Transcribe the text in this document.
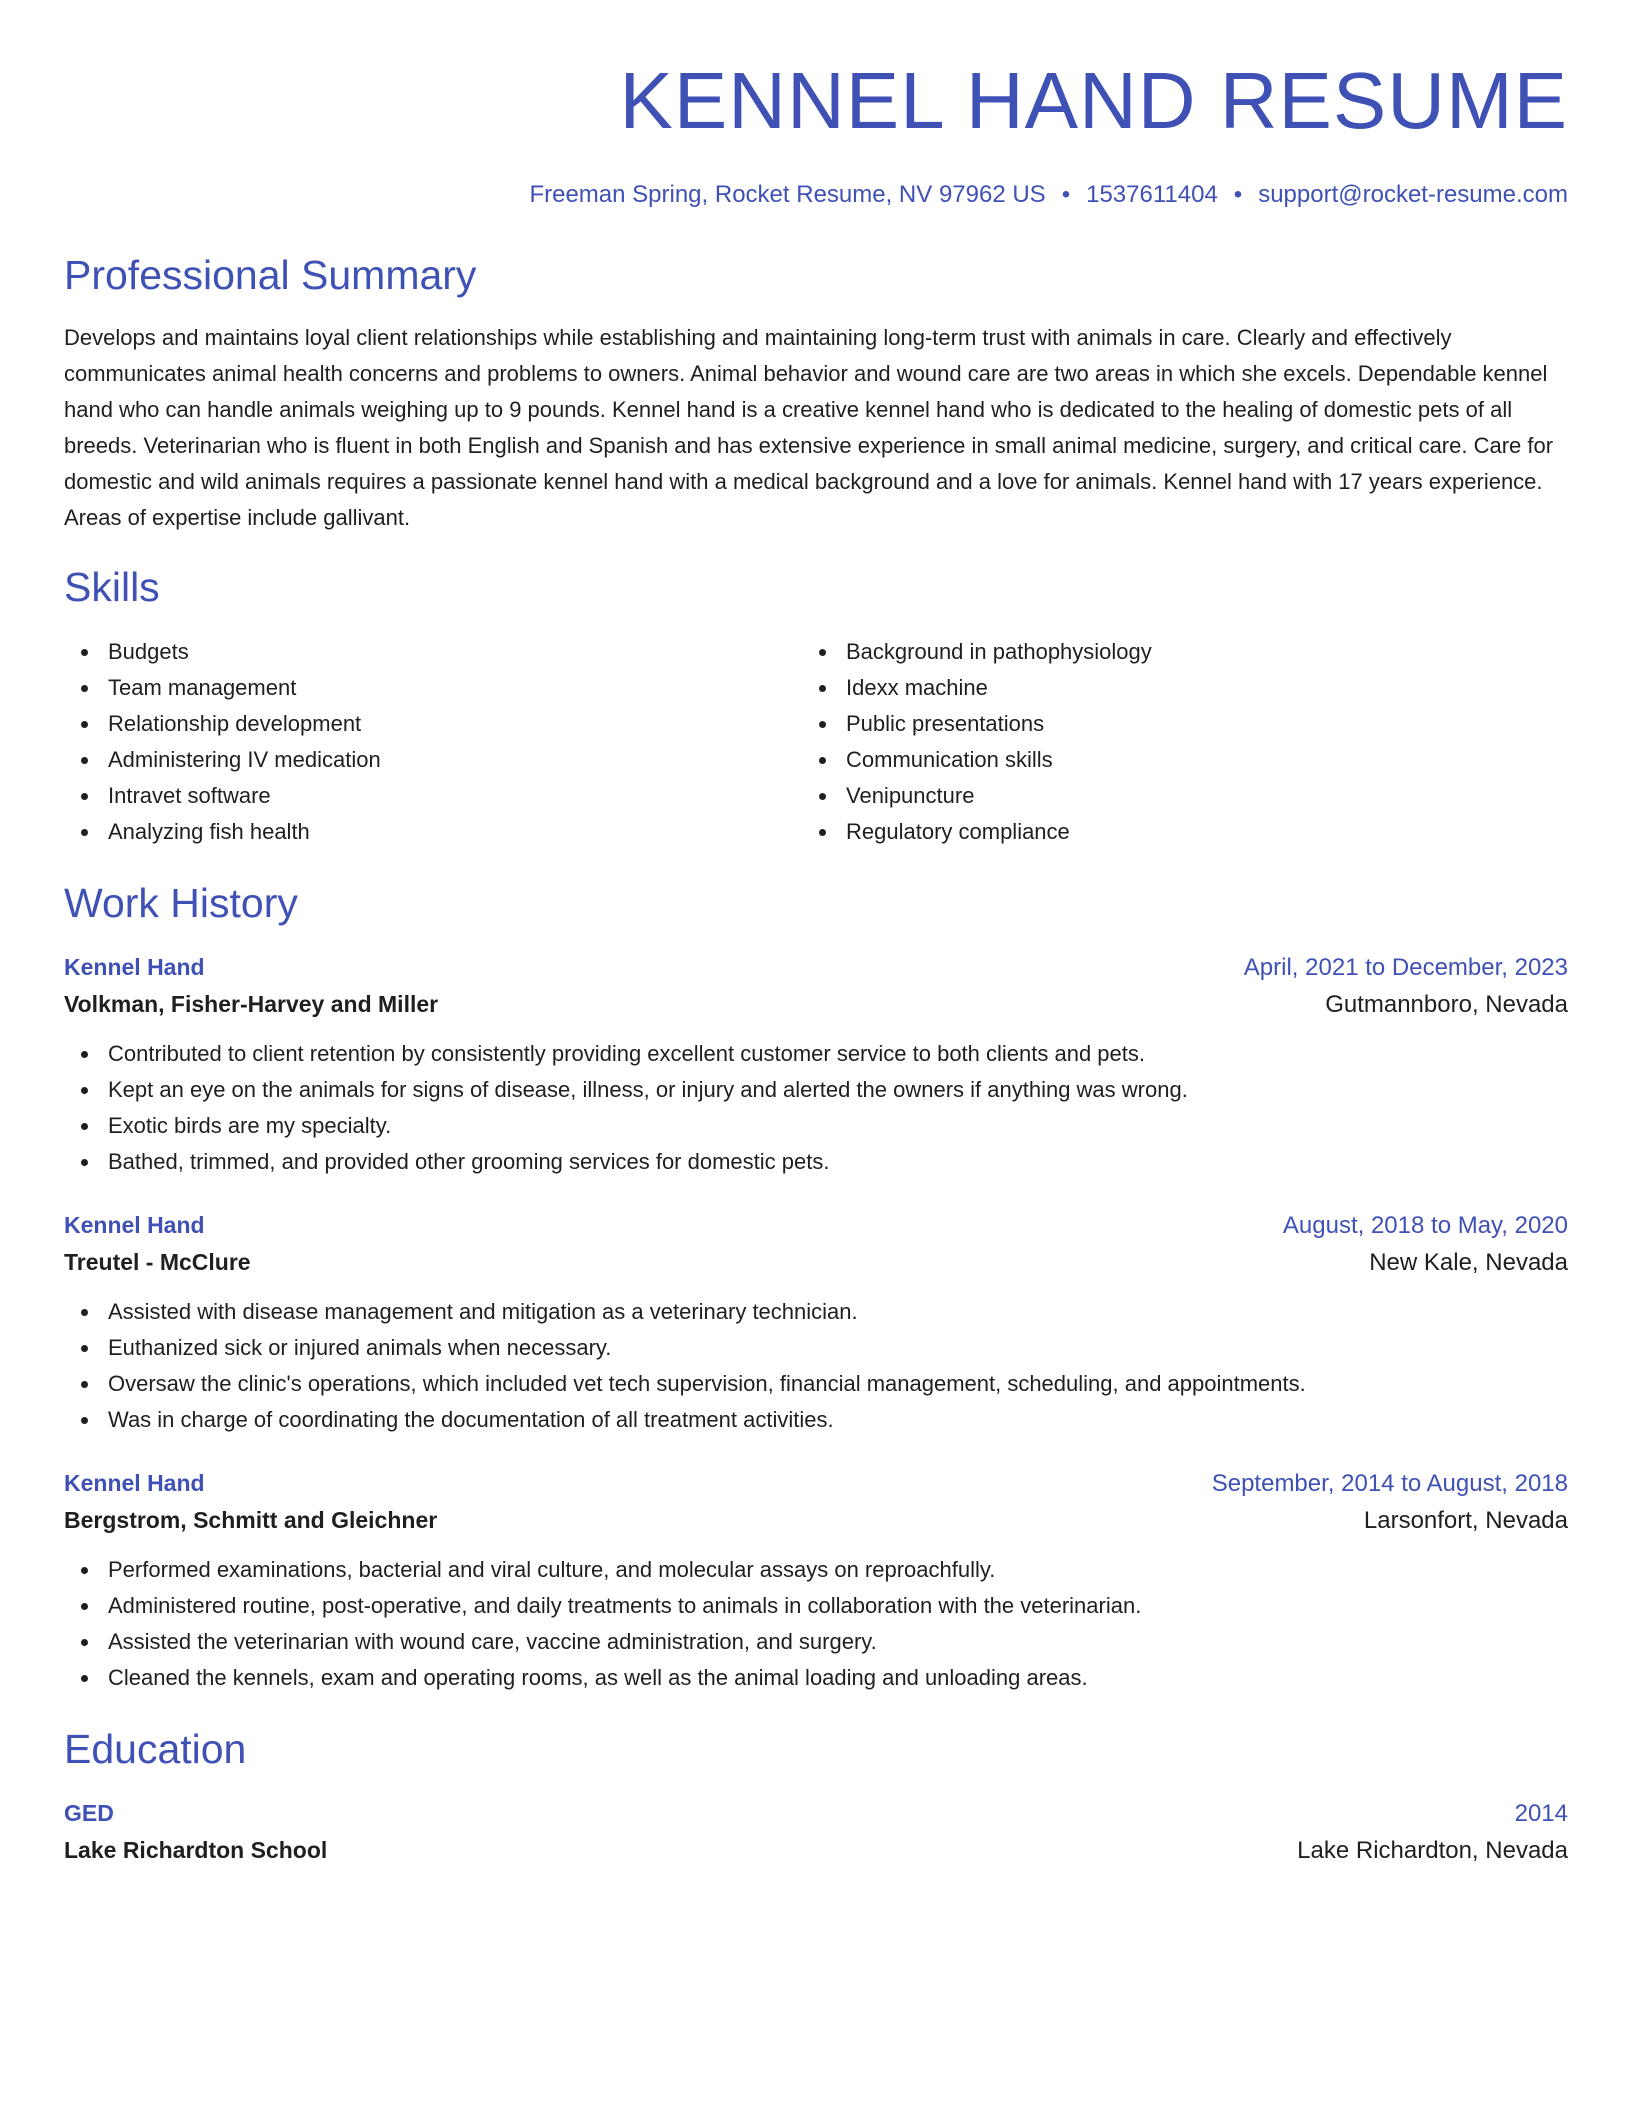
KENNEL HAND RESUME
Freeman Spring, Rocket Resume, NV 97962 US • 1537611404 • support@rocket-resume.com
Professional Summary

Develops and maintains loyal client relationships while establishing and maintaining long-term trust with animals in care. Clearly and effectively communicates animal health concerns and problems to owners. Animal behavior and wound care are two areas in which she excels. Dependable kennel hand who can handle animals weighing up to 9 pounds. Kennel hand is a creative kennel hand who is dedicated to the healing of domestic pets of all breeds. Veterinarian who is fluent in both English and Spanish and has extensive experience in small animal medicine, surgery, and critical care. Care for domestic and wild animals requires a passionate kennel hand with a medical background and a love for animals. Kennel hand with 17 years experience. Areas of expertise include gallivant.

Skills
Budgets
Team management
Relationship development
Administering IV medication
Intravet software
Analyzing fish health
Background in pathophysiology
Idexx machine
Public presentations
Communication skills
Venipuncture
Regulatory compliance
Work History
Kennel Hand	April, 2021 to December, 2023
Volkman, Fisher-Harvey and Miller	Gutmannboro, Nevada
Contributed to client retention by consistently providing excellent customer service to both clients and pets.
Kept an eye on the animals for signs of disease, illness, or injury and alerted the owners if anything was wrong.
Exotic birds are my specialty.
Bathed, trimmed, and provided other grooming services for domestic pets.
Kennel Hand	August, 2018 to May, 2020
Treutel - McClure	New Kale, Nevada
Assisted with disease management and mitigation as a veterinary technician.
Euthanized sick or injured animals when necessary.
Oversaw the clinic's operations, which included vet tech supervision, financial management, scheduling, and appointments.
Was in charge of coordinating the documentation of all treatment activities.
Kennel Hand	September, 2014 to August, 2018
Bergstrom, Schmitt and Gleichner	Larsonfort, Nevada
Performed examinations, bacterial and viral culture, and molecular assays on reproachfully.
Administered routine, post-operative, and daily treatments to animals in collaboration with the veterinarian.
Assisted the veterinarian with wound care, vaccine administration, and surgery.
Cleaned the kennels, exam and operating rooms, as well as the animal loading and unloading areas.
Education
GED	2014
Lake Richardton School	Lake Richardton, Nevada
